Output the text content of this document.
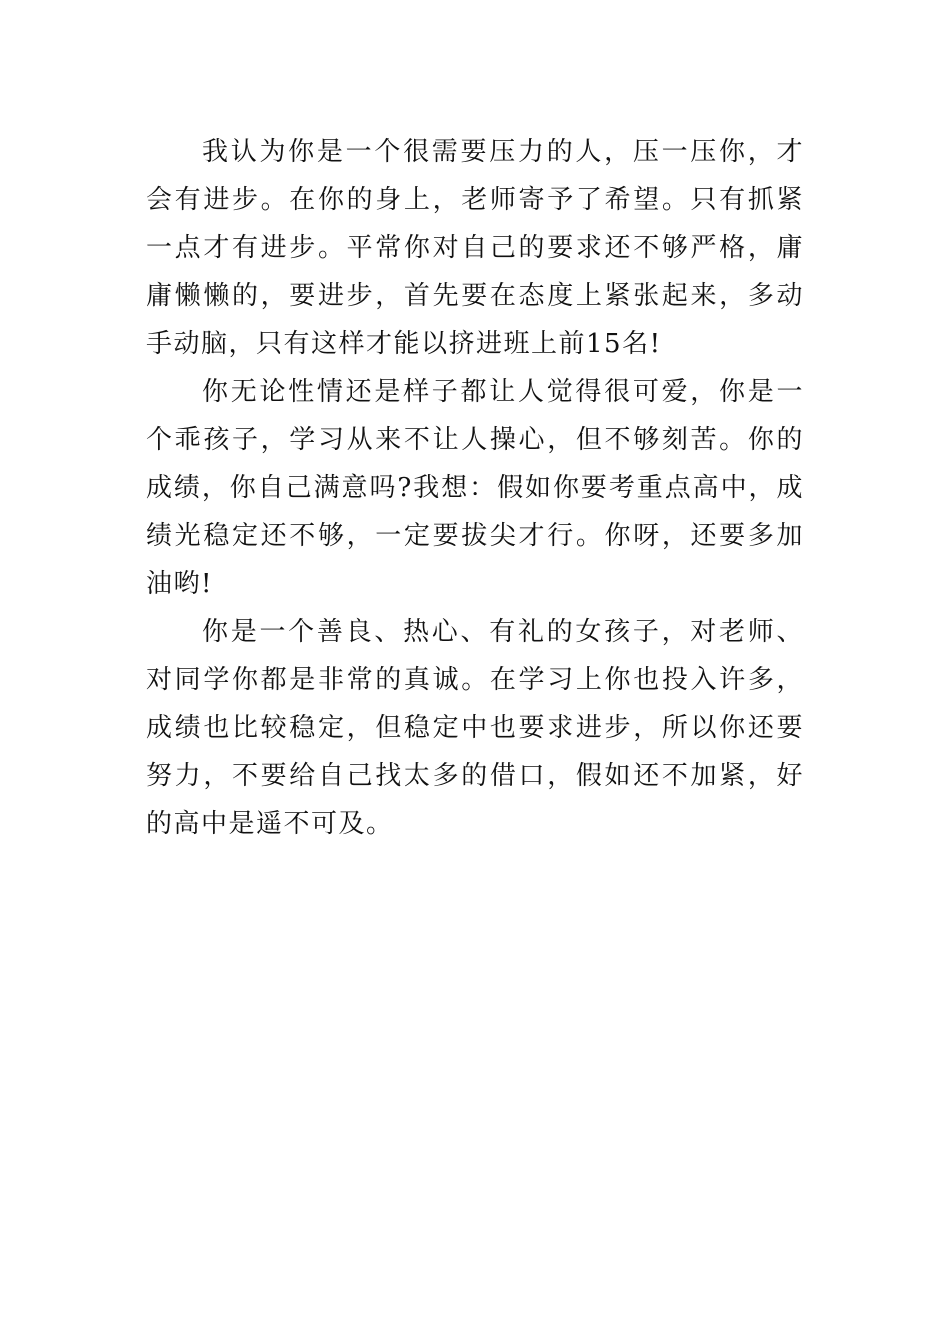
我认为你是一个很需要压力的人，压一压你，才会有进步。在你的身上，老师寄予了希望。只有抓紧一点才有进步。平常你对自己的要求还不够严格，庸庸懒懒的，要进步，首先要在态度上紧张起来，多动手动脑，只有这样才能以挤进班上前15名!

你无论性情还是样子都让人觉得很可爱，你是一个乖孩子，学习从来不让人操心，但不够刻苦。你的成绩，你自己满意吗?我想：假如你要考重点高中，成绩光稳定还不够，一定要拔尖才行。你呀，还要多加油哟!

你是一个善良、热心、有礼的女孩子，对老师、对同学你都是非常的真诚。在学习上你也投入许多，成绩也比较稳定，但稳定中也要求进步，所以你还要努力，不要给自己找太多的借口，假如还不加紧，好的高中是遥不可及。
